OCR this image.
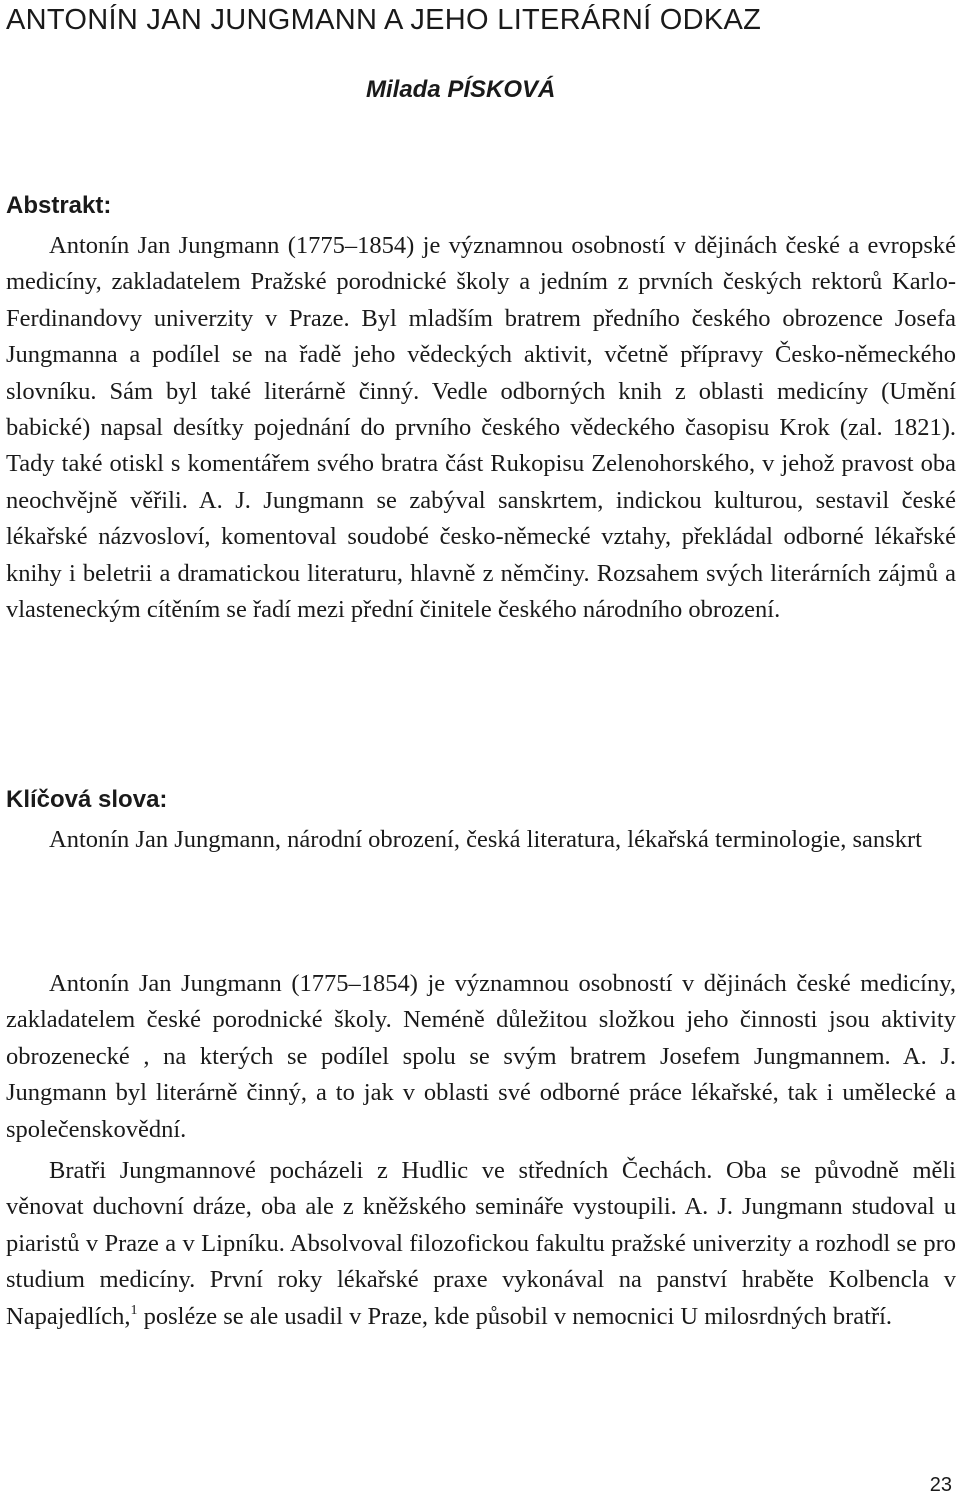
ANTONÍN JAN JUNGMANN A JEHO LITERÁRNÍ ODKAZ
Milada PÍSKOVÁ
Abstrakt:

Antonín Jan Jungmann (1775–1854) je významnou osobností v dějinách české a evropské medicíny, zakladatelem Pražské porodnické školy a jedním z prvních českých rektorů Karlo-Ferdinandovy univerzity v Praze. Byl mladším bratrem předního českého obrozence Josefa Jungmanna a podílel se na řadě jeho vědeckých aktivit, včetně přípravy Česko-německého slovníku. Sám byl také literárně činný. Vedle odborných knih z oblasti medicíny (Umění babické) napsal desítky pojednání do prvního českého vědeckého časopisu Krok (zal. 1821). Tady také otiskl s komentářem svého bratra část Rukopisu Zelenohorského, v jehož pravost oba neochvějně věřili. A. J. Jungmann se zabýval sanskrtem, indickou kulturou, sestavil české lékařské názvosloví, komentoval soudobé česko-německé vztahy, překládal odborné lékařské knihy i beletrii a dramatickou literaturu, hlavně z němčiny. Rozsahem svých literárních zájmů a vlasteneckým cítěním se řadí mezi přední činitele českého národního obrození.

Klíčová slova:

Antonín Jan Jungmann, národní obrození, česká literatura, lékařská terminologie, sanskrt

Antonín Jan Jungmann (1775–1854) je významnou osobností v dějinách české medicíny, zakladatelem české porodnické školy. Neméně důležitou složkou jeho činnosti jsou aktivity obrozenecké , na kterých se podílel spolu se svým bratrem Josefem Jungmannem. A. J. Jungmann byl literárně činný, a to jak v oblasti své odborné práce lékařské, tak i umělecké a společenskovědní.

Bratři Jungmannové pocházeli z Hudlic ve středních Čechách. Oba se původně měli věnovat duchovní dráze, oba ale z kněžského semináře vystoupili. A. J. Jungmann studoval u piaristů v Praze a v Lipníku. Absolvoval filozofickou fakultu pražské univerzity a rozhodl se pro studium medicíny. První roky lékařské praxe vykonával na panství hraběte Kolbencla v Napajedlích,$^1$ posléze se ale usadil v Praze, kde působil v nemocnici U milosrdných bratří.

23
